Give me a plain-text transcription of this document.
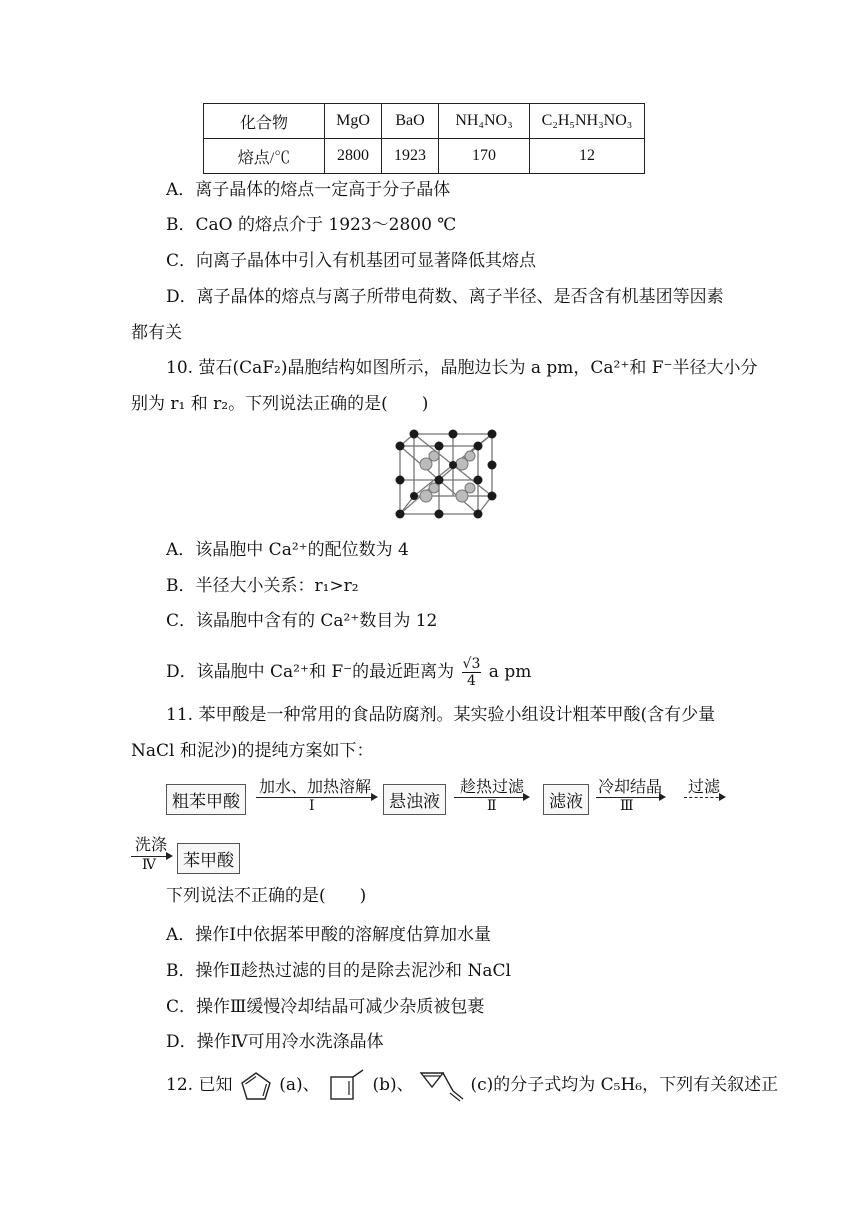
化合物	MgO	BaO	NH₄NO₃	C₂H₅NH₃NO₃
熔点/℃	2800	1923	170	12
A．离子晶体的熔点一定高于分子晶体
B．CaO 的熔点介于 1923～2800 ℃
C．向离子晶体中引入有机基团可显著降低其熔点
D．离子晶体的熔点与离子所带电荷数、离子半径、是否含有机基团等因素
都有关
10. 萤石(CaF₂)晶胞结构如图所示，晶胞边长为 a pm，Ca²⁺和 F⁻半径大小分
别为 r₁ 和 r₂。下列说法正确的是(　　)
A．该晶胞中 Ca²⁺的配位数为 4
B．半径大小关系：r₁>r₂
C．该晶胞中含有的 Ca²⁺数目为 12
D．该晶胞中 Ca²⁺和 F⁻的最近距离为 $\frac{√3}{4}$ a pm
11. 苯甲酸是一种常用的食品防腐剂。某实验小组设计粗苯甲酸(含有少量
NaCl 和泥沙)的提纯方案如下：
粗苯甲酸
加水、加热溶解
Ⅰ	悬浊液
趁热过滤
Ⅱ	滤液
冷却结晶
Ⅲ
过滤
洗涤
Ⅳ	苯甲酸
下列说法不正确的是(　　)
A．操作Ⅰ中依据苯甲酸的溶解度估算加水量
B．操作Ⅱ趁热过滤的目的是除去泥沙和 NaCl
C．操作Ⅲ缓慢冷却结晶可减少杂质被包裹
D．操作Ⅳ可用冷水洗涤晶体
12. 已知	(a)、	(b)、	(c)的分子式均为 C₅H₆，下列有关叙述正
